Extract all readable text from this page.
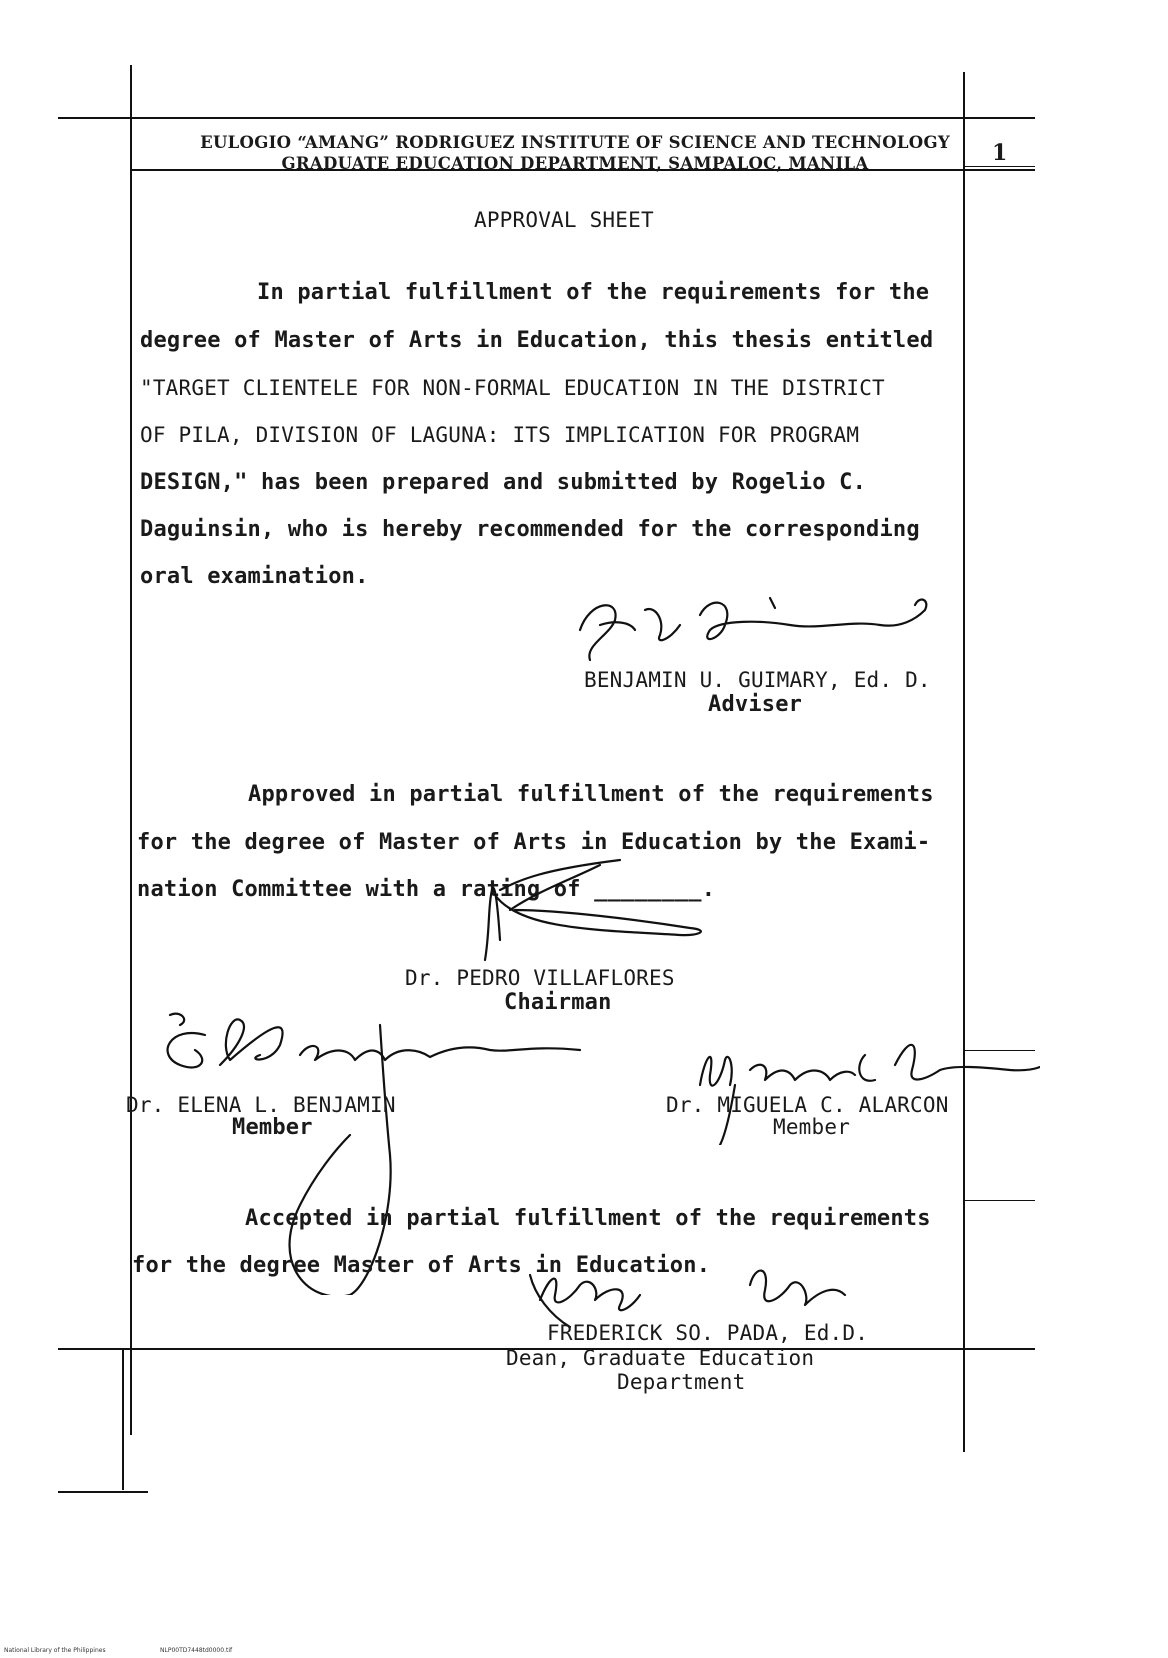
EULOGIO “AMANG” RODRIGUEZ INSTITUTE OF SCIENCE AND TECHNOLOGY
GRADUATE EDUCATION DEPARTMENT, SAMPALOC, MANILA	1
APPROVAL SHEET
In partial fulfillment of the requirements for the
degree of Master of Arts in Education, this thesis entitled
"TARGET CLIENTELE FOR NON-FORMAL EDUCATION IN THE DISTRICT
OF PILA, DIVISION OF LAGUNA: ITS IMPLICATION FOR PROGRAM
DESIGN," has been prepared and submitted by Rogelio C.
Daguinsin, who is hereby recommended for the corresponding
oral examination.
BENJAMIN U. GUIMARY, Ed. D.
Adviser
Approved in partial fulfillment of the requirements
for the degree of Master of Arts in Education by the Exami-
nation Committee with a rating of ________.
Dr. PEDRO VILLAFLORES
Chairman
Dr. ELENA L. BENJAMIN
Member
Dr. MIGUELA C. ALARCON
Member
Accepted in partial fulfillment of the requirements
for the degree Master of Arts in Education.
FREDERICK SO. PADA, Ed.D.
Dean, Graduate Education
Department
National Library of the Philippines	NLP00TD7448td0000.tif
